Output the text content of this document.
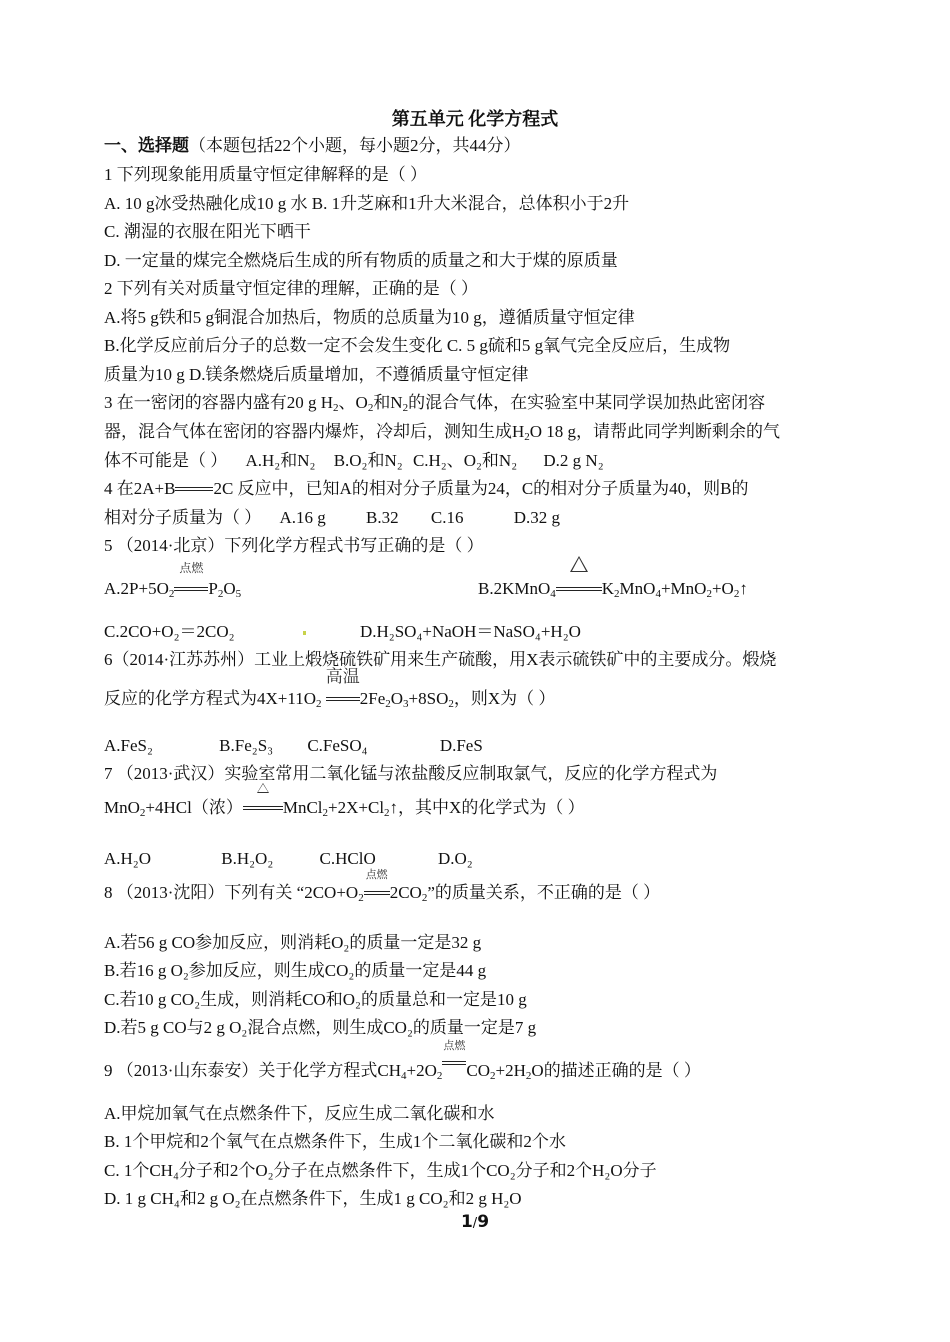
第五单元 化学方程式
一、选择题（本题包括22个小题，每小题2分，共44分）
1 下列现象能用质量守恒定律解释的是（ ）
A. 10 g冰受热融化成10 g 水 B. 1升芝麻和1升大米混合，总体积小于2升
C. 潮湿的衣服在阳光下晒干
D. 一定量的煤完全燃烧后生成的所有物质的质量之和大于煤的原质量
2 下列有关对质量守恒定律的理解，正确的是（ ）
A.将5 g铁和5 g铜混合加热后，物质的总质量为10 g，遵循质量守恒定律
B.化学反应前后分子的总数一定不会发生变化 C. 5 g硫和5 g氧气完全反应后，生成物
质量为10 g D.镁条燃烧后质量增加，不遵循质量守恒定律
3 在一密闭的容器内盛有20 g $H_2$、$O_2$和$N_2$的混合气体，在实验室中某同学误加热此密闭容
器，混合气体在密闭的容器内爆炸，冷却后，测知生成$H_2O$ 18 g，请帮此同学判断剩余的气
体不可能是（ ） A.H₂和N₂ B.O₂和N₂ C.H₂、O₂和N₂ D.2 g N₂
4 在2A+B 2C 反应中，已知A的相对分子质量为24，C的相对分子质量为40，则B的
相对分子质量为（ ） A.16 g B.32 C.16	D.32 g
5 （2014·北京）下列化学方程式书写正确的是（ ）
$A.2P+5O_2$
点燃
$P_2O_5$	B.2KMnO$_4$	$K_2MnO_4+MnO_2+O_2↑$
C.2CO+O₂＝2CO₂	D.H₂SO₄+NaOH＝NaSO₄+H₂O
6（2014·江苏苏州）工业上煅烧硫铁矿用来生产硫酸，用X表示硫铁矿中的主要成分。煅烧
反应的化学方程式为$4X+11O_2$
高温
$2Fe_2O_3+8SO_2$，则X为（ ）
A.FeS₂	B.Fe₂S₃ C.FeSO₄	D.FeS
7 （2013·武汉）实验室常用二氧化锰与浓盐酸反应制取氯气，反应的化学方程式为
MnO$_2$+4HCl（浓） $MnCl_2+2X+Cl_2↑$，其中X的化学式为（ ）
A.H₂O	B.H₂O₂	C.HClO	D.O₂
8 （2013·沈阳）下列有关 “$2CO+O_2$
点燃
$2CO_2$”的质量关系，不正确的是（ ）
A.若56 g CO参加反应，则消耗O₂的质量一定是32 g
B.若16 g O₂参加反应，则生成CO₂的质量一定是44 g
C.若10 g CO₂生成，则消耗CO和O₂的质量总和一定是10 g
D.若5 g CO与2 g O₂混合点燃，则生成CO₂的质量一定是7 g
9 （2013·山东泰安）关于化学方程式$CH_4+2O_2$
点燃
$CO_2+2H_2O$的描述正确的是（ ）
A.甲烷加氧气在点燃条件下，反应生成二氧化碳和水
B. 1个甲烷和2个氧气在点燃条件下，生成1个二氧化碳和2个水
C. 1个CH₄分子和2个O₂分子在点燃条件下，生成1个CO₂分子和2个H₂O分子
D. 1 g CH₄和2 g O₂在点燃条件下，生成1 g CO₂和2 g H₂O
1/9
